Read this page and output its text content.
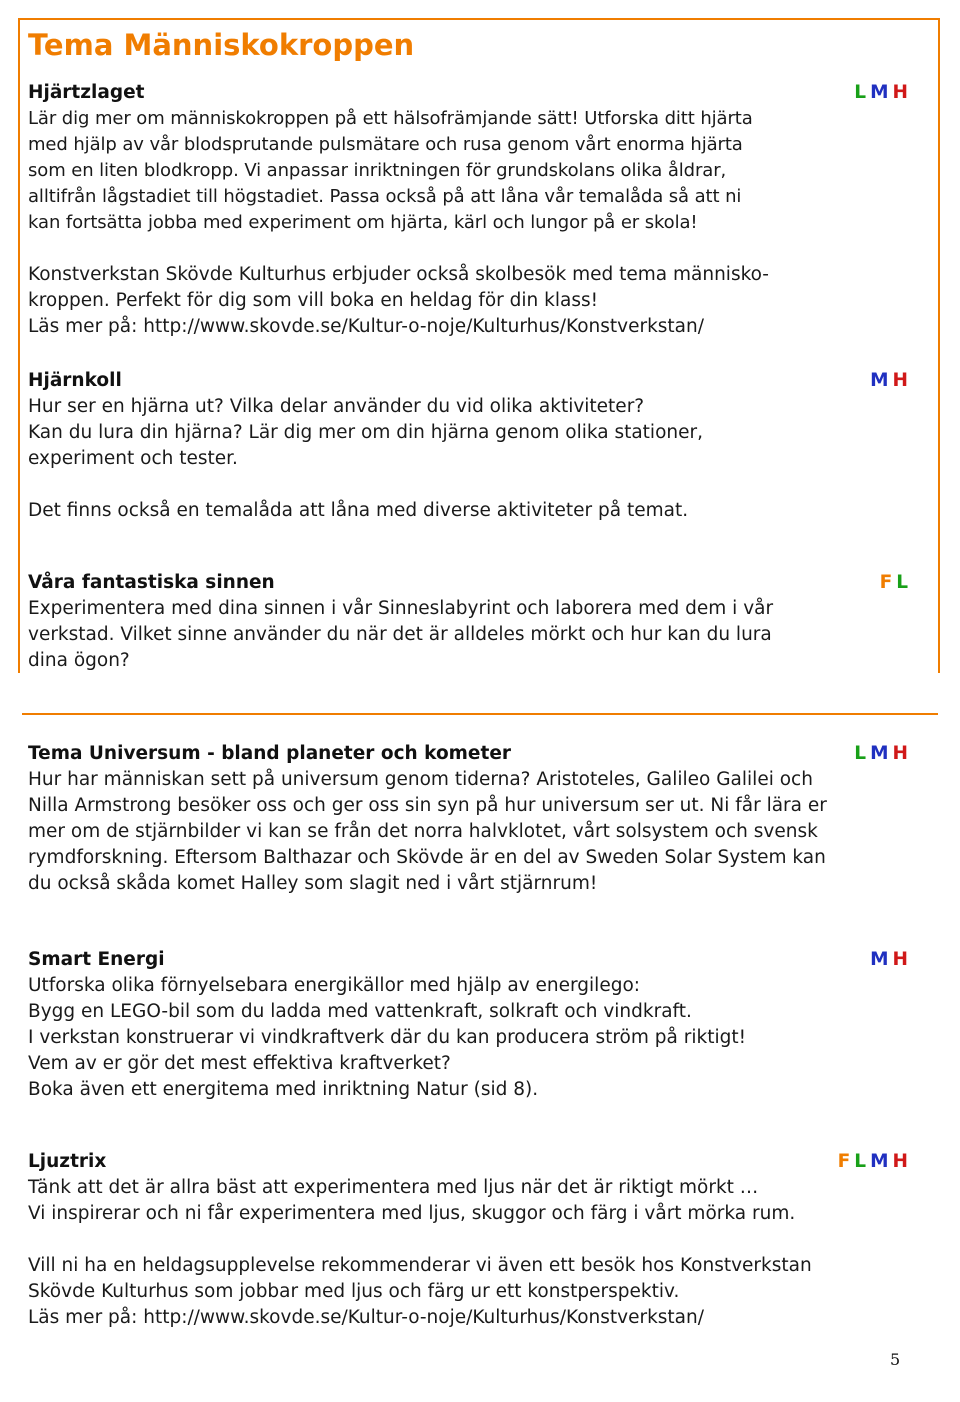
Tema Människokroppen
Hjärtzlaget	L M H

Lär dig mer om människokroppen på ett hälsofrämjande sätt! Utforska ditt hjärta

med hjälp av vår blodsprutande pulsmätare och rusa genom vårt enorma hjärta

som en liten blodkropp. Vi anpassar inriktningen för grundskolans olika åldrar,

alltifrån lågstadiet till högstadiet. Passa också på att låna vår temalåda så att ni

kan fortsätta jobba med experiment om hjärta, kärl och lungor på er skola!

Konstverkstan Skövde Kulturhus erbjuder också skolbesök med tema människo-

kroppen. Perfekt för dig som vill boka en heldag för din klass!

Läs mer på: http://www.skovde.se/Kultur-o-noje/Kulturhus/Konstverkstan/

Hjärnkoll	M H

Hur ser en hjärna ut? Vilka delar använder du vid olika aktiviteter?

Kan du lura din hjärna? Lär dig mer om din hjärna genom olika stationer,

experiment och tester.

Det finns också en temalåda att låna med diverse aktiviteter på temat.

Våra fantastiska sinnen	F L

Experimentera med dina sinnen i vår Sinneslabyrint och laborera med dem i vår

verkstad. Vilket sinne använder du när det är alldeles mörkt och hur kan du lura

dina ögon?

Tema Universum - bland planeter och kometer	L M H

Hur har människan sett på universum genom tiderna? Aristoteles, Galileo Galilei och

Nilla Armstrong besöker oss och ger oss sin syn på hur universum ser ut. Ni får lära er

mer om de stjärnbilder vi kan se från det norra halvklotet, vårt solsystem och svensk

rymdforskning. Eftersom Balthazar och Skövde är en del av Sweden Solar System kan

du också skåda komet Halley som slagit ned i vårt stjärnrum!

Smart Energi	M H

Utforska olika förnyelsebara energikällor med hjälp av energilego:

Bygg en LEGO-bil som du ladda med vattenkraft, solkraft och vindkraft.

I verkstan konstruerar vi vindkraftverk där du kan producera ström på riktigt!

Vem av er gör det mest effektiva kraftverket?

Boka även ett energitema med inriktning Natur (sid 8).

Ljuztrix	F L M H

Tänk att det är allra bäst att experimentera med ljus när det är riktigt mörkt …

Vi inspirerar och ni får experimentera med ljus, skuggor och färg i vårt mörka rum.

Vill ni ha en heldagsupplevelse rekommenderar vi även ett besök hos Konstverkstan

Skövde Kulturhus som jobbar med ljus och färg ur ett konstperspektiv.

Läs mer på: http://www.skovde.se/Kultur-o-noje/Kulturhus/Konstverkstan/

5
